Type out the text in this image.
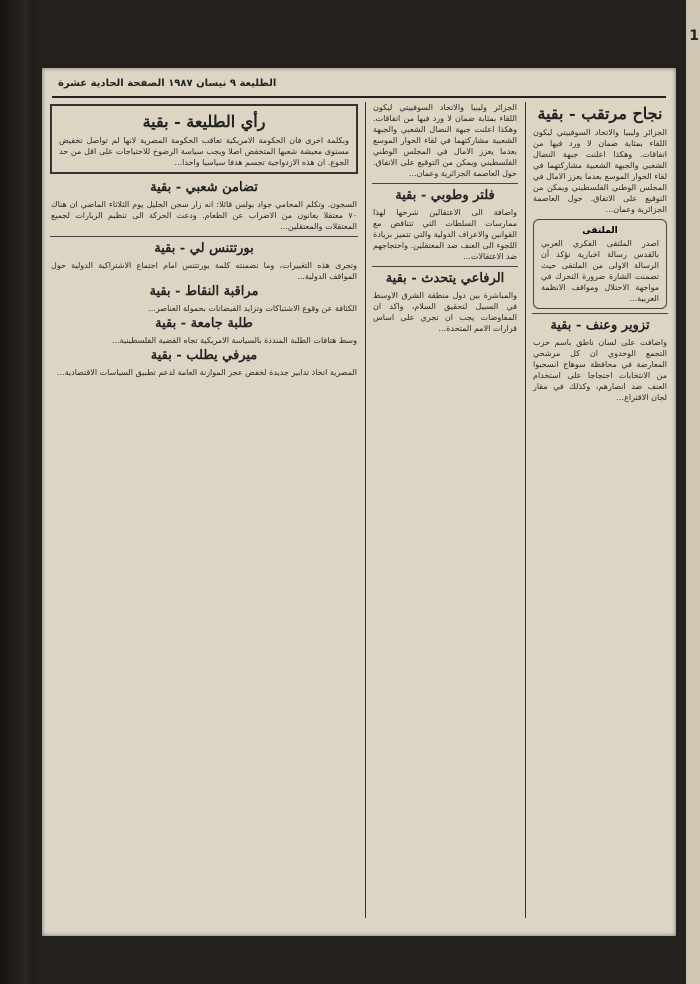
1
الطليعة ٩ نيسان ١٩٨٧ الصفحة الحادية عشرة
نجاح مرتقب - بقية
الجزائر وليبيا والاتحاد السوفييتي ليكون اللقاء بمثابة ضمان لا ورد فيها من اتفاقات. وهكذا اعلنت جبهة النضال الشعبي والجبهة الشعبية مشاركتهما في لقاء الحوار الموسع بعدما يعزز الامال في المجلس الوطني الفلسطيني ويمكن من التوقيع على الاتفاق. حول العاصمة الجزائرية وعمان...
الملتقى
اصدر الملتقى الفكري العربي بالقدس رسالة اخبارية تؤكد أن الرسالة الاولى من الملتقى حيث تضمنت الشارة ضرورة التحرك في مواجهة الاحتلال ومواقف الانظمة العربية...
تزوير وعنف - بقية
واضافت على لسان ناطق باسم حزب التجمع الوحدوي ان كل مرشحي المعارضة في محافظة سوهاج انسحبوا من الانتخابات احتجاجا على استخدام العنف ضد انصارهم، وكذلك في مقار لجان الاقتراع...
الجزائر وليبيا والاتحاد السوفييتي ليكون اللقاء بمثابة ضمان لا ورد فيها من اتفاقات. وهكذا اعلنت جبهة النضال الشعبي والجبهة الشعبية مشاركتهما في لقاء الحوار الموسع بعدما يعزز الامال في المجلس الوطني الفلسطيني ويمكن من التوقيع على الاتفاق. حول العاصمة الجزائرية وعمان...
فلتر وطوبي - بقية
واضافة الى الاعتقالين شرحها لهذا ممارسات السلطات التي تتناقض مع القوانين والاعراف الدولية والتي تتميز بزيادة اللجوء الى العنف ضد المعتقلين. واحتجاجهم ضد الاعتقالات...
الرفاعي يتحدث - بقية
والمباشرة بين دول منطقة الشرق الاوسط في السبيل لتحقيق السلام، واكد ان المفاوضات يجب ان تجري على اساس قرارات الامم المتحدة...
رأي الطليعة - بقية
وبكلمة اخرى فان الحكومة الامريكية تعاقب الحكومة المصرية لانها لم تواصل تخفيض مستوى معيشة شعبها المتخفض اصلا ويجب سياسة الرضوخ للاحتياجات على اقل من حد الجوع. ان هذه الازدواجية تجسم هدفا سياسيا واحدا...
تضامن شعبي - بقية
السجون. وتكلم المحامي جواد بولس قائلا: انه زار سجن الجليل يوم الثلاثاء الماضي ان هناك ٧٠ معتقلا يعانون من الاضراب عن الطعام. ودعت الحركة الى تنظيم الزيارات لجميع المعتقلات والمعتقلين...
بورتتنس لي - بقية
وتجرى هذه التغييرات، وما نضمنته كلمة بورتتنس امام اجتماع الاشتراكية الدولية حول المواقف الدولية...
مراقبة النقاط - بقية
الكثافة عن وقوع الاشتباكات وتزايد الفيضانات بحمولة العناصر...
طلبة جامعة - بقية
وسط هتافات الطلبة المنددة بالسياسة الامريكية تجاه القضية الفلسطينية...
ميرفي يطلب - بقية
المصرية اتخاذ تدابير جديدة لخفض عجز الموازنة العامة لدعم تطبيق السياسات الاقتصادية...
